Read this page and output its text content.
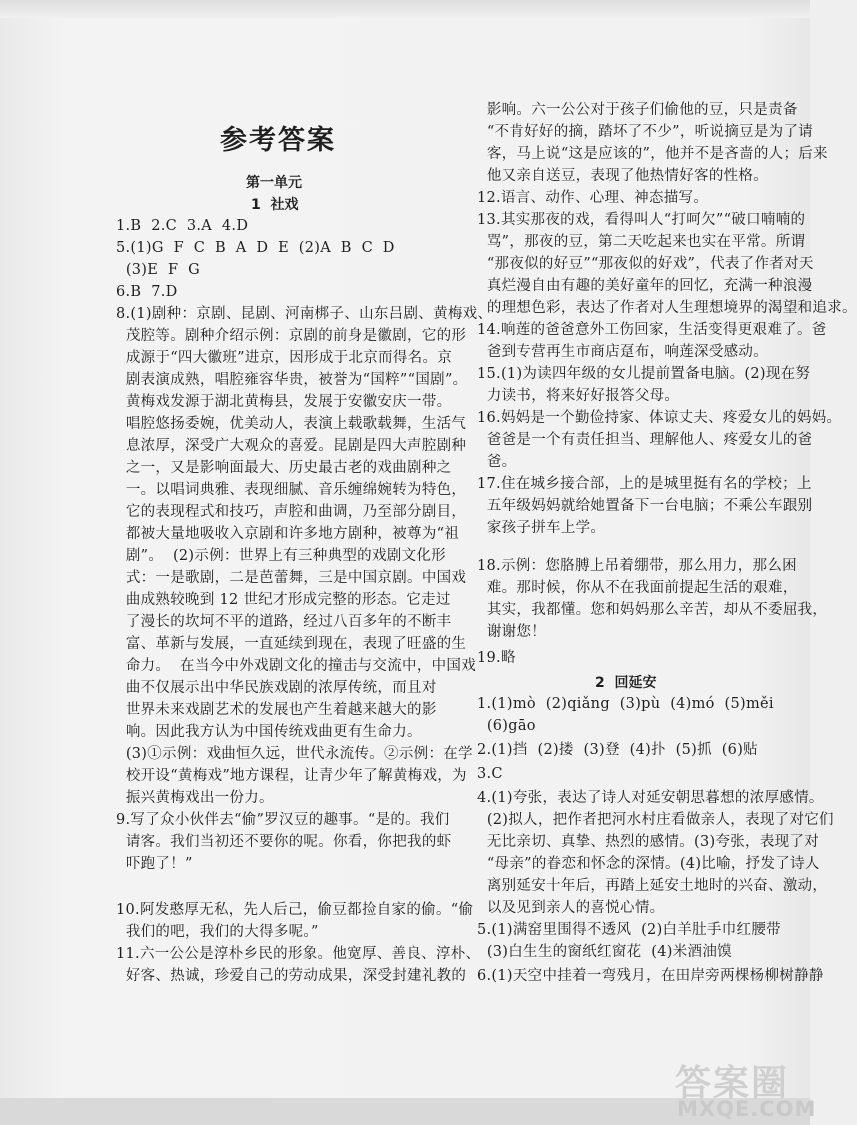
参考答案
第一单元
1  社戏
1.B  2.C  3.A  4.D
5.(1)G  F  C  B  A  D  E  (2)A  B  C  D
(3)E  F  G
6.B  7.D
8.(1)剧种：京剧、昆剧、河南梆子、山东吕剧、黄梅戏、
茂腔等。剧种介绍示例：京剧的前身是徽剧，它的形
成源于“四大徽班”进京，因形成于北京而得名。京
剧表演成熟，唱腔雍容华贵，被誉为“国粹”“国剧”。
黄梅戏发源于湖北黄梅县，发展于安徽安庆一带。
唱腔悠扬委婉，优美动人，表演上载歌载舞，生活气
息浓厚，深受广大观众的喜爱。昆剧是四大声腔剧种
之一，又是影响面最大、历史最古老的戏曲剧种之
一。以唱词典雅、表现细腻、音乐缠绵婉转为特色，
它的表现程式和技巧，声腔和曲调，乃至部分剧目，
都被大量地吸收入京剧和许多地方剧种，被尊为“祖
剧”。  (2)示例：世界上有三种典型的戏剧文化形
式：一是歌剧，二是芭蕾舞，三是中国京剧。中国戏
曲成熟较晚到 12 世纪才形成完整的形态。它走过
了漫长的坎坷不平的道路，经过八百多年的不断丰
富、革新与发展，一直延续到现在，表现了旺盛的生
命力。  在当今中外戏剧文化的撞击与交流中，中国戏
曲不仅展示出中华民族戏剧的浓厚传统，而且对
世界未来戏剧艺术的发展也产生着越来越大的影
响。因此我方认为中国传统戏曲更有生命力。
(3)①示例：戏曲恒久远，世代永流传。②示例：在学
校开设“黄梅戏”地方课程，让青少年了解黄梅戏，为
振兴黄梅戏出一份力。
9.写了众小伙伴去“偷”罗汉豆的趣事。“是的。我们
请客。我们当初还不要你的呢。你看，你把我的虾
吓跑了！”
10.阿发憨厚无私，先人后己，偷豆都捡自家的偷。“偷
我们的吧，我们的大得多呢。”
11.六一公公是淳朴乡民的形象。他宽厚、善良、淳朴、
好客、热诚，珍爱自己的劳动成果，深受封建礼教的
影响。六一公公对于孩子们偷他的豆，只是责备
“不肯好好的摘，踏坏了不少”，听说摘豆是为了请
客，马上说“这是应该的”，他并不是吝啬的人；后来
他又亲自送豆，表现了他热情好客的性格。
12.语言、动作、心理、神态描写。
13.其实那夜的戏，看得叫人“打呵欠”“破口喃喃的
骂”，那夜的豆，第二天吃起来也实在平常。所谓
“那夜似的好豆”“那夜似的好戏”，代表了作者对天
真烂漫自由有趣的美好童年的回忆，充满一种浪漫
的理想色彩，表达了作者对人生理想境界的渴望和追求。
14.响莲的爸爸意外工伤回家，生活变得更艰难了。爸
爸到专营再生市商店趸布，响莲深受感动。
15.(1)为读四年级的女儿提前置备电脑。(2)现在努
力读书，将来好好报答父母。
16.妈妈是一个勤俭持家、体谅丈夫、疼爱女儿的妈妈。
爸爸是一个有责任担当、理解他人、疼爱女儿的爸
爸。
17.住在城乡接合部，上的是城里挺有名的学校；上
五年级妈妈就给她置备下一台电脑；不乘公车跟别
家孩子拼车上学。
18.示例：您胳膊上吊着绷带，那么用力，那么困
难。那时候，你从不在我面前提起生活的艰难，
其实，我都懂。您和妈妈那么辛苦，却从不委屈我，
谢谢您！
19.略
1.(1)mò  (2)qiǎng  (3)pù  (4)mó  (5)měi
(6)gāo
2.(1)挡  (2)搂  (3)登  (4)扑  (5)抓  (6)贴
3.C
4.(1)夸张，表达了诗人对延安朝思暮想的浓厚感情。
(2)拟人，把作者把河水村庄看做亲人，表现了对它们
无比亲切、真挚、热烈的感情。(3)夸张，表现了对
“母亲”的眷恋和怀念的深情。(4)比喻，抒发了诗人
离别延安十年后，再踏上延安土地时的兴奋、激动，
以及见到亲人的喜悦心情。
5.(1)满窑里围得不透风  (2)白羊肚手巾红腰带
(3)白生生的窗纸红窗花  (4)米酒油馍
6.(1)天空中挂着一弯残月，在田岸旁两棵杨柳树静静
2  回延安
答案圈
MXQE.COM
